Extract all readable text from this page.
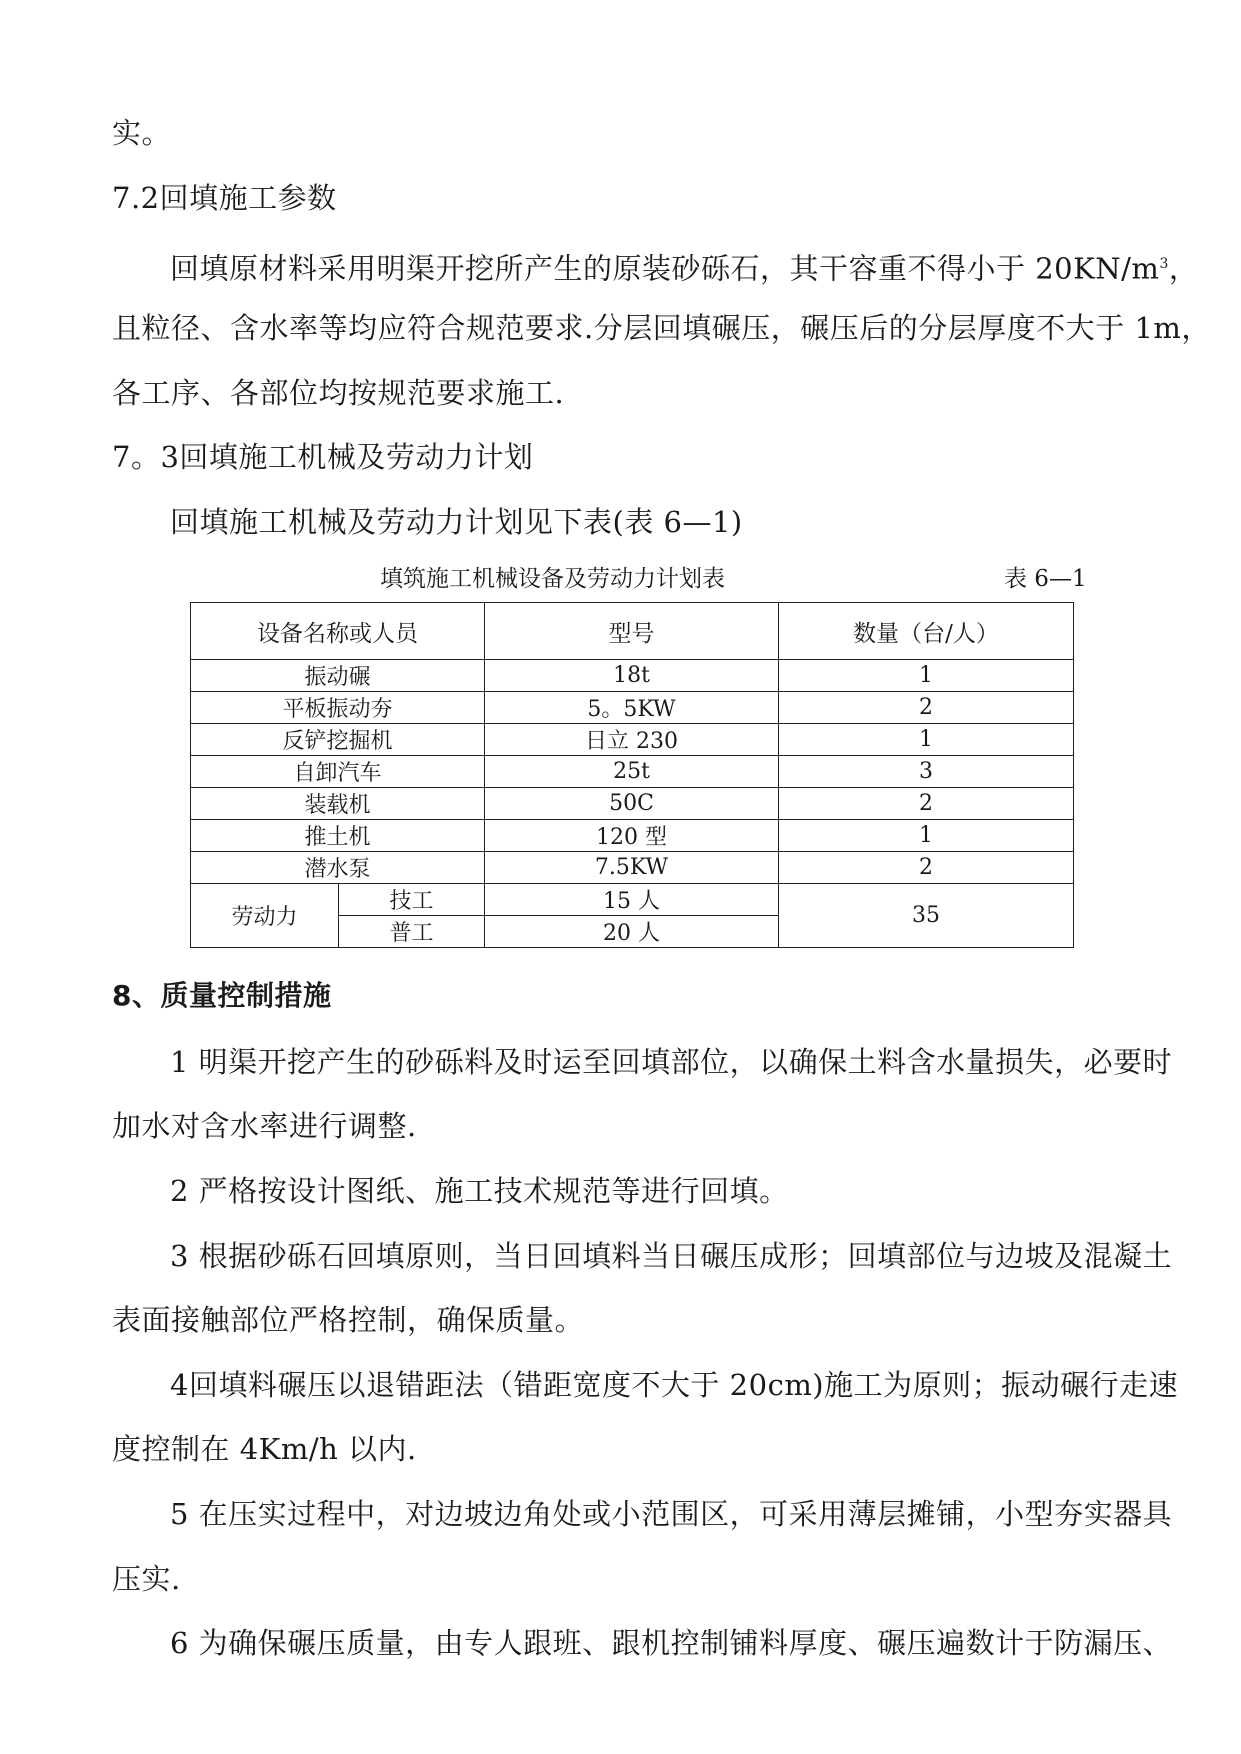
实。
7.2回填施工参数
回填原材料采用明渠开挖所产生的原装砂砾石，其干容重不得小于 $20KN/m^3$，
且粒径、含水率等均应符合规范要求.分层回填碾压，碾压后的分层厚度不大于 1m，
各工序、各部位均按规范要求施工.
7。3回填施工机械及劳动力计划
回填施工机械及劳动力计划见下表(表 6—1)
填筑施工机械设备及劳动力计划表	表 6—1
设备名称或人员		型号	数量（台/人）
振动碾		18t	1
平板振动夯		5。5KW	2
反铲挖掘机		日立 230	1
自卸汽车		25t	3
装载机		50C	2
推土机		120 型	1
潜水泵		7.5KW	2
劳动力	技工	15 人	35
	普工	20 人	
8、质量控制措施
1 明渠开挖产生的砂砾料及时运至回填部位，以确保土料含水量损失，必要时
加水对含水率进行调整.
2 严格按设计图纸、施工技术规范等进行回填。
3 根据砂砾石回填原则，当日回填料当日碾压成形；回填部位与边坡及混凝土
表面接触部位严格控制，确保质量。
4回填料碾压以退错距法（错距宽度不大于 20cm)施工为原则；振动碾行走速
度控制在 4Km/h 以内.
5 在压实过程中，对边坡边角处或小范围区，可采用薄层摊铺，小型夯实器具
压实.
6 为确保碾压质量，由专人跟班、跟机控制铺料厚度、碾压遍数计于防漏压、
